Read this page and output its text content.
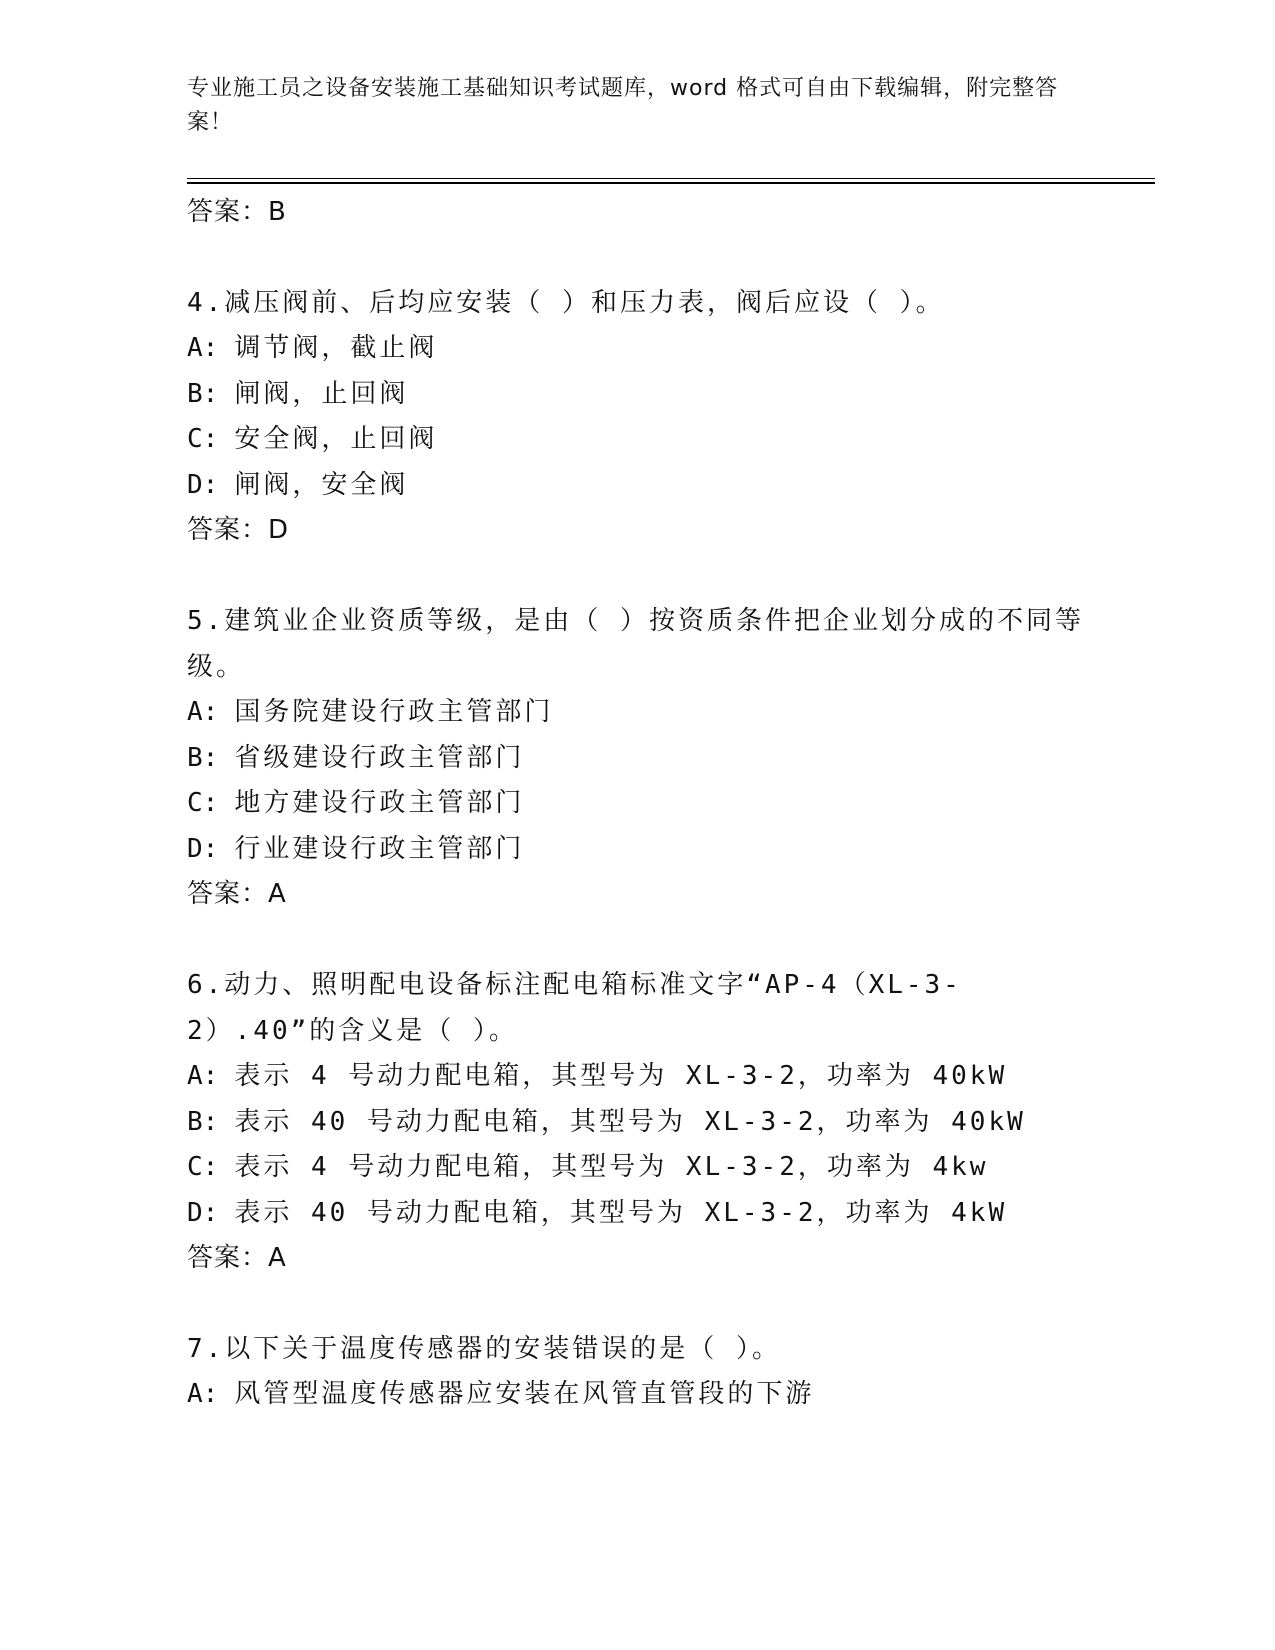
专业施工员之设备安装施工基础知识考试题库，word 格式可自由下载编辑，附完整答案！

答案：B

4.减压阀前、后均应安装（ ）和压力表，阀后应设（ ）。

A: 调节阀，截止阀

B: 闸阀，止回阀

C: 安全阀，止回阀

D: 闸阀，安全阀

答案：D

5.建筑业企业资质等级，是由（ ）按资质条件把企业划分成的不同等级。

A: 国务院建设行政主管部门

B: 省级建设行政主管部门

C: 地方建设行政主管部门

D: 行业建设行政主管部门

答案：A

6.动力、照明配电设备标注配电箱标准文字“AP-4（XL-3-2）.40”的含义是（ ）。

A: 表示 4 号动力配电箱，其型号为 XL-3-2，功率为 40kW

B: 表示 40 号动力配电箱，其型号为 XL-3-2，功率为 40kW

C: 表示 4 号动力配电箱，其型号为 XL-3-2，功率为 4kw

D: 表示 40 号动力配电箱，其型号为 XL-3-2，功率为 4kW

答案：A

7.以下关于温度传感器的安装错误的是（ ）。

A: 风管型温度传感器应安装在风管直管段的下游
